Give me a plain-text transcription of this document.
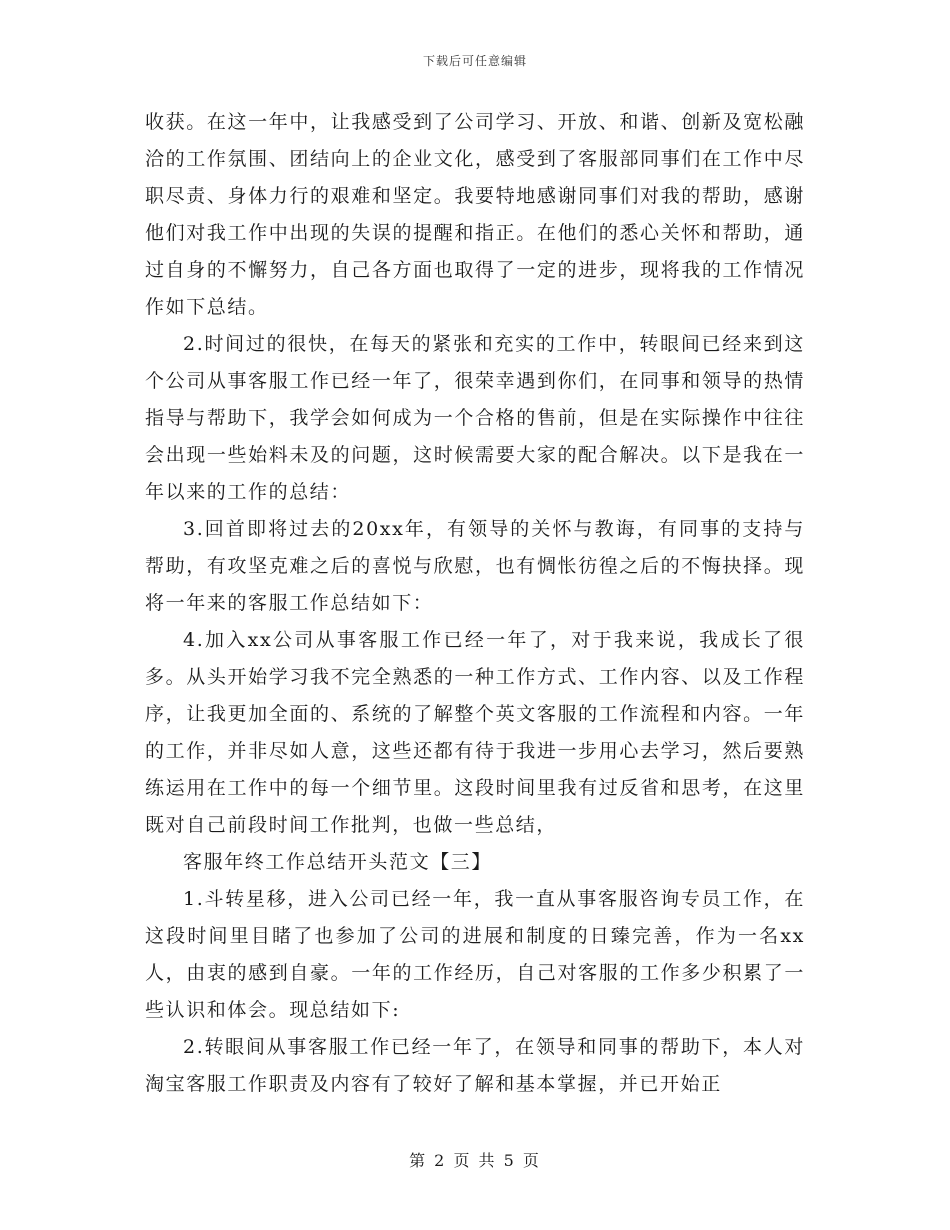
下载后可任意编辑

收获。在这一年中，让我感受到了公司学习、开放、和谐、创新及宽松融洽的工作氛围、团结向上的企业文化，感受到了客服部同事们在工作中尽职尽责、身体力行的艰难和坚定。我要特地感谢同事们对我的帮助，感谢他们对我工作中出现的失误的提醒和指正。在他们的悉心关怀和帮助，通过自身的不懈努力，自己各方面也取得了一定的进步，现将我的工作情况作如下总结。

2.时间过的很快，在每天的紧张和充实的工作中，转眼间已经来到这个公司从事客服工作已经一年了，很荣幸遇到你们，在同事和领导的热情指导与帮助下，我学会如何成为一个合格的售前，但是在实际操作中往往会出现一些始料未及的问题，这时候需要大家的配合解决。以下是我在一年以来的工作的总结：

3.回首即将过去的20xx年，有领导的关怀与教诲，有同事的支持与帮助，有攻坚克难之后的喜悦与欣慰，也有惆怅彷徨之后的不悔抉择。现将一年来的客服工作总结如下：

4.加入xx公司从事客服工作已经一年了，对于我来说，我成长了很多。从头开始学习我不完全熟悉的一种工作方式、工作内容、以及工作程序，让我更加全面的、系统的了解整个英文客服的工作流程和内容。一年的工作，并非尽如人意，这些还都有待于我进一步用心去学习，然后要熟练运用在工作中的每一个细节里。这段时间里我有过反省和思考，在这里既对自己前段时间工作批判，也做一些总结，

客服年终工作总结开头范文【三】

1.斗转星移，进入公司已经一年，我一直从事客服咨询专员工作，在这段时间里目睹了也参加了公司的进展和制度的日臻完善，作为一名xx人，由衷的感到自豪。一年的工作经历，自己对客服的工作多少积累了一些认识和体会。现总结如下:

2.转眼间从事客服工作已经一年了，在领导和同事的帮助下，本人对淘宝客服工作职责及内容有了较好了解和基本掌握，并已开始正

第 2 页 共 5 页
